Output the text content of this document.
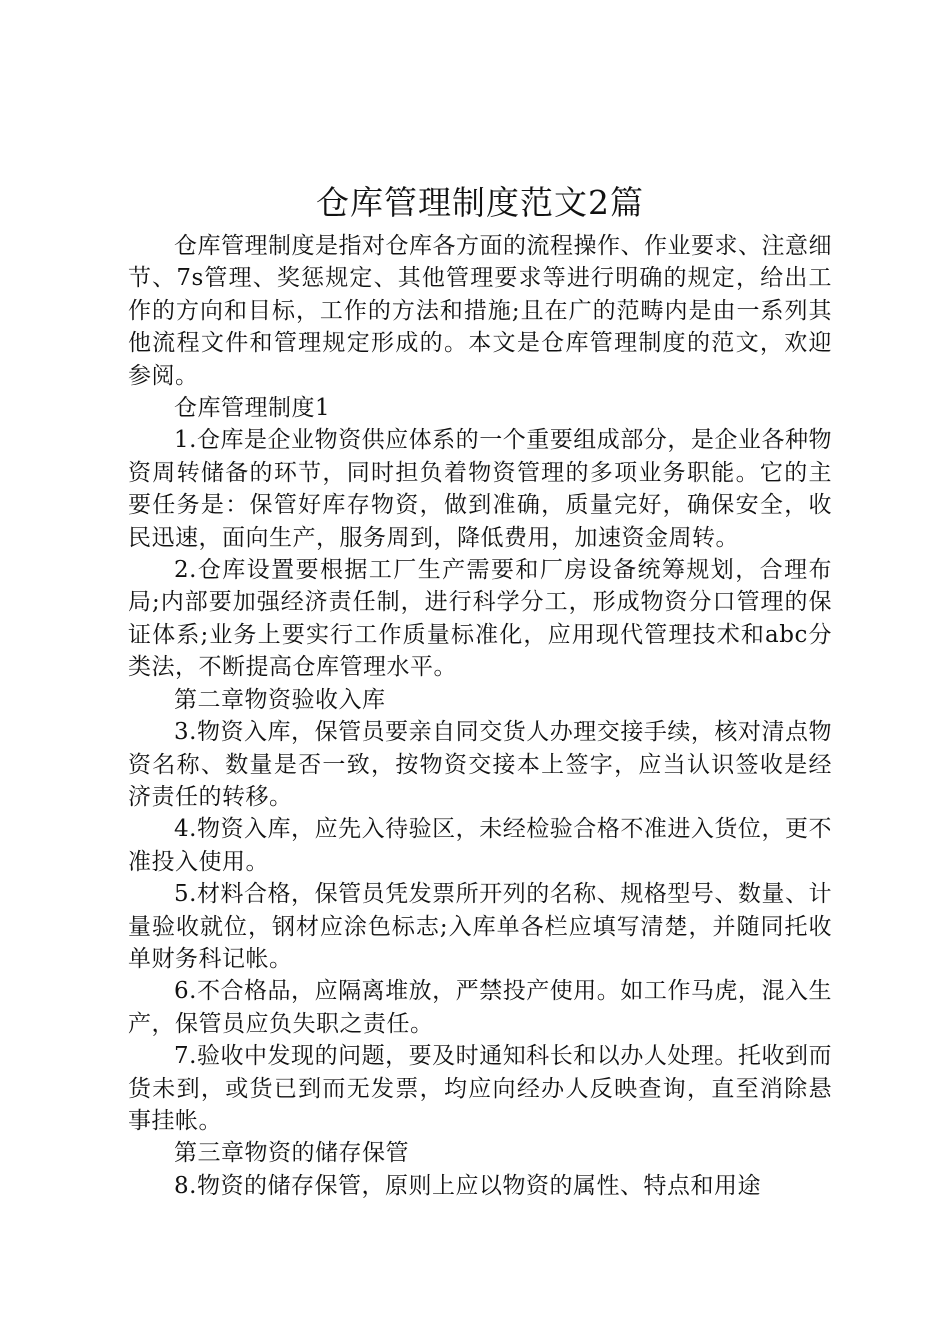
仓库管理制度范文2篇

仓库管理制度是指对仓库各方面的流程操作、作业要求、注意细节、7s管理、奖惩规定、其他管理要求等进行明确的规定，给出工作的方向和目标，工作的方法和措施;且在广的范畴内是由一系列其他流程文件和管理规定形成的。本文是仓库管理制度的范文，欢迎参阅。

仓库管理制度1

1.仓库是企业物资供应体系的一个重要组成部分，是企业各种物资周转储备的环节，同时担负着物资管理的多项业务职能。它的主要任务是：保管好库存物资，做到准确，质量完好，确保安全，收民迅速，面向生产，服务周到，降低费用，加速资金周转。

2.仓库设置要根据工厂生产需要和厂房设备统筹规划，合理布局;内部要加强经济责任制，进行科学分工，形成物资分口管理的保证体系;业务上要实行工作质量标准化，应用现代管理技术和abc分类法，不断提高仓库管理水平。

第二章物资验收入库

3.物资入库，保管员要亲自同交货人办理交接手续，核对清点物资名称、数量是否一致，按物资交接本上签字，应当认识签收是经济责任的转移。

4.物资入库，应先入待验区，未经检验合格不准进入货位，更不准投入使用。

5.材料合格，保管员凭发票所开列的名称、规格型号、数量、计量验收就位，钢材应涂色标志;入库单各栏应填写清楚，并随同托收单财务科记帐。

6.不合格品，应隔离堆放，严禁投产使用。如工作马虎，混入生产，保管员应负失职之责任。

7.验收中发现的问题，要及时通知科长和以办人处理。托收到而货未到，或货已到而无发票，均应向经办人反映查询，直至消除悬事挂帐。

第三章物资的储存保管

8.物资的储存保管，原则上应以物资的属性、特点和用途
